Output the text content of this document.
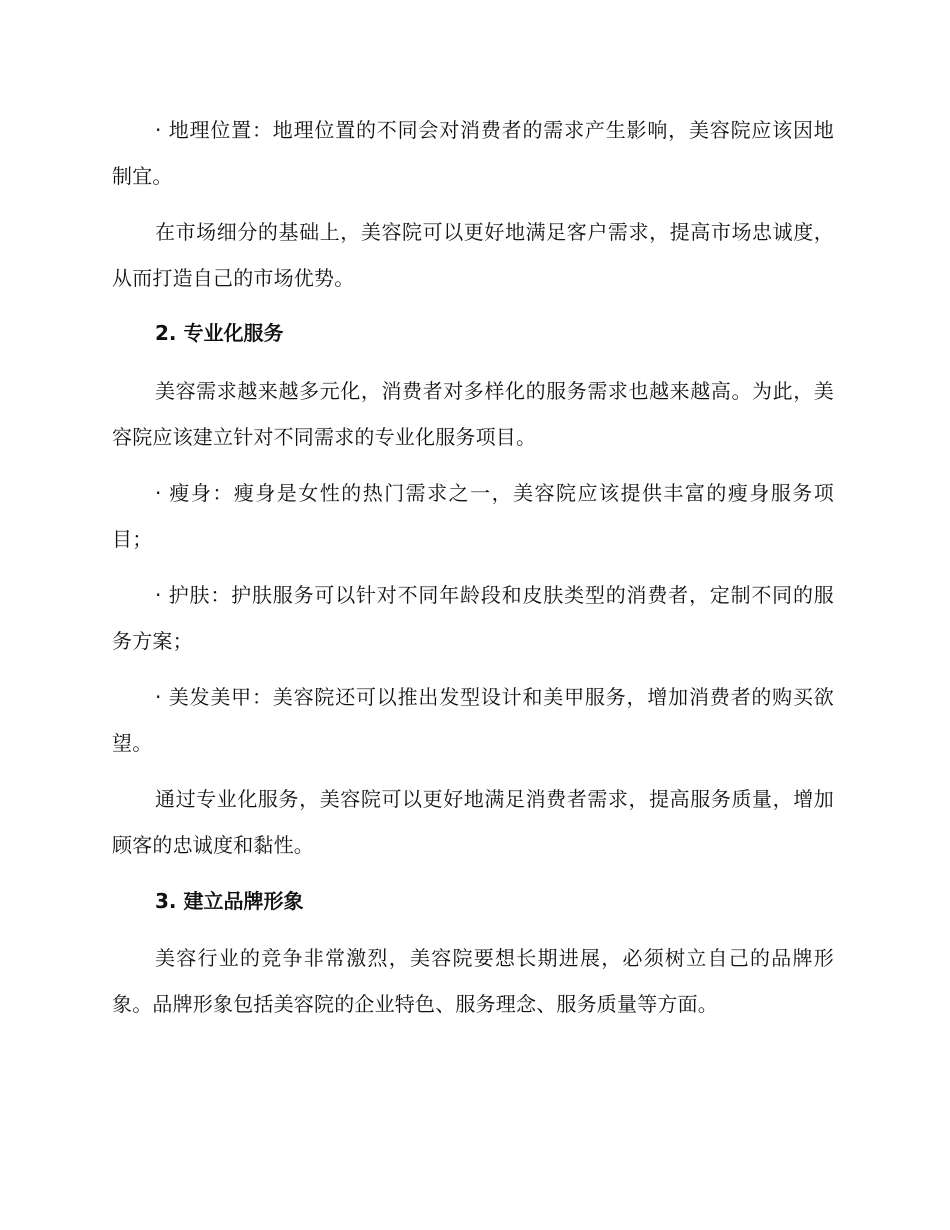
· 地理位置：地理位置的不同会对消费者的需求产生影响，美容院应该因地制宜。

在市场细分的基础上，美容院可以更好地满足客户需求，提高市场忠诚度，从而打造自己的市场优势。

2. 专业化服务

美容需求越来越多元化，消费者对多样化的服务需求也越来越高。为此，美容院应该建立针对不同需求的专业化服务项目。

· 瘦身：瘦身是女性的热门需求之一，美容院应该提供丰富的瘦身服务项目；

· 护肤：护肤服务可以针对不同年龄段和皮肤类型的消费者，定制不同的服务方案；

· 美发美甲：美容院还可以推出发型设计和美甲服务，增加消费者的购买欲望。

通过专业化服务，美容院可以更好地满足消费者需求，提高服务质量，增加顾客的忠诚度和黏性。

3. 建立品牌形象

美容行业的竞争非常激烈，美容院要想长期进展，必须树立自己的品牌形象。品牌形象包括美容院的企业特色、服务理念、服务质量等方面。
